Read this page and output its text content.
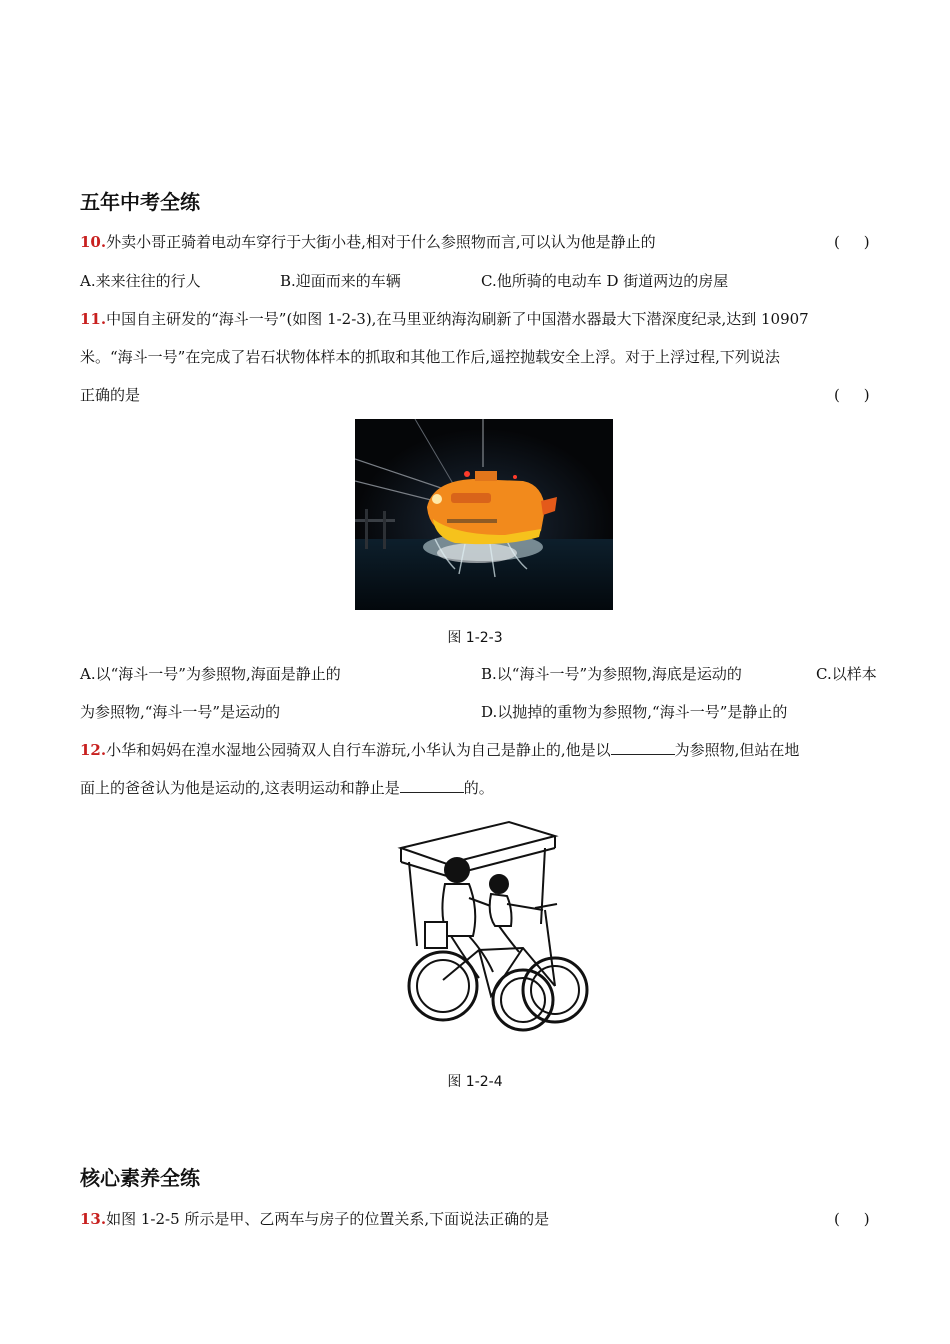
五年中考全练
10.外卖小哥正骑着电动车穿行于大街小巷,相对于什么参照物而言,可以认为他是静止的	(     )
A.来来往往的行人	B.迎面而来的车辆	C.他所骑的电动车 D 街道两边的房屋
11.中国自主研发的“海斗一号”(如图 1-2-3),在马里亚纳海沟刷新了中国潜水器最大下潜深度纪录,达到 10907
米。“海斗一号”在完成了岩石状物体样本的抓取和其他工作后,遥控抛载安全上浮。对于上浮过程,下列说法
正确的是	(     )
图 1-2-3
A.以“海斗一号”为参照物,海面是静止的	B.以“海斗一号”为参照物,海底是运动的	C.以样本
为参照物,“海斗一号”是运动的	D.以抛掉的重物为参照物,“海斗一号”是静止的
12.小华和妈妈在湟水湿地公园骑双人自行车游玩,小华认为自己是静止的,他是以	为参照物,但站在地
面上的爸爸认为他是运动的,这表明运动和静止是	的。
图 1-2-4
核心素养全练
13.如图 1-2-5 所示是甲、乙两车与房子的位置关系,下面说法正确的是	(     )
